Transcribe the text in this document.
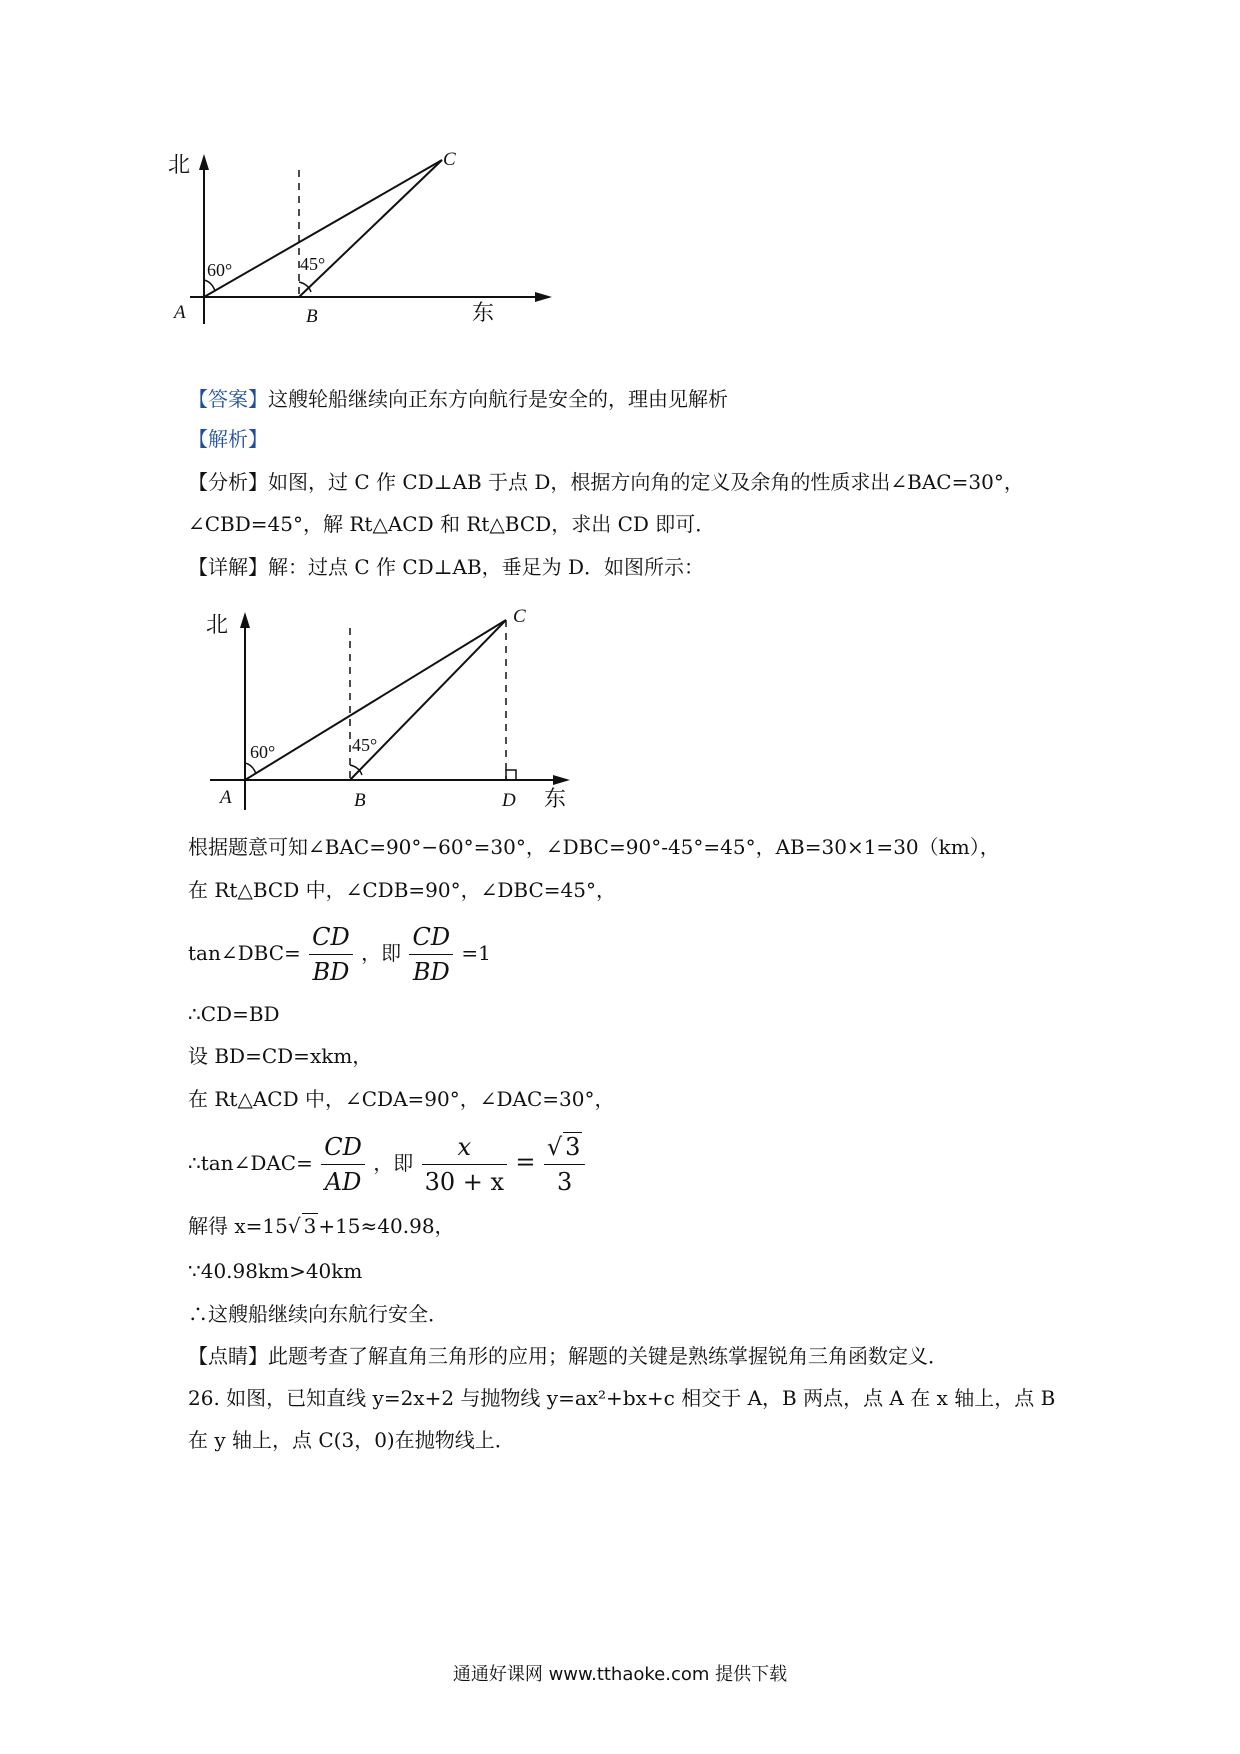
北
东
A	B
C
60°	45°
【答案】这艘轮船继续向正东方向航行是安全的，理由见解析
【解析】
【分析】如图，过 C 作 CD⊥AB 于点 D，根据方向角的定义及余角的性质求出∠BAC=30°，
∠CBD=45°，解 Rt△ACD 和 Rt△BCD，求出 CD 即可．
【详解】解：过点 C 作 CD⊥AB，垂足为 D．如图所示：
北
东
A	B
C
D
60°	45°
根据题意可知∠BAC=90°−60°=30°，∠DBC=90°-45°=45°，AB=30×1=30（km），
在 Rt△BCD 中，∠CDB=90°，∠DBC=45°，
tan∠DBC= $\frac{CD}{BD}$ ，即 $\frac{CD}{BD} =1$
∴CD=BD
设 BD=CD=xkm，
在 Rt△ACD 中，∠CDA=90°，∠DAC=30°，
∴tan∠DAC= $\frac{CD}{AD}$ ，即 $\frac{x}{30 + x} = \frac{√ 3}{3}$
解得 x=15√ 3 +15≈40.98，
∵40.98km>40km
∴这艘船继续向东航行安全．
【点睛】此题考查了解直角三角形的应用；解题的关键是熟练掌握锐角三角函数定义．
26. 如图，已知直线 y=2x+2 与抛物线 y=ax²+bx+c 相交于 A，B 两点，点 A 在 x 轴上，点 B
在 y 轴上，点 C(3，0)在抛物线上．
通通好课网 www.tthaoke.com 提供下载
